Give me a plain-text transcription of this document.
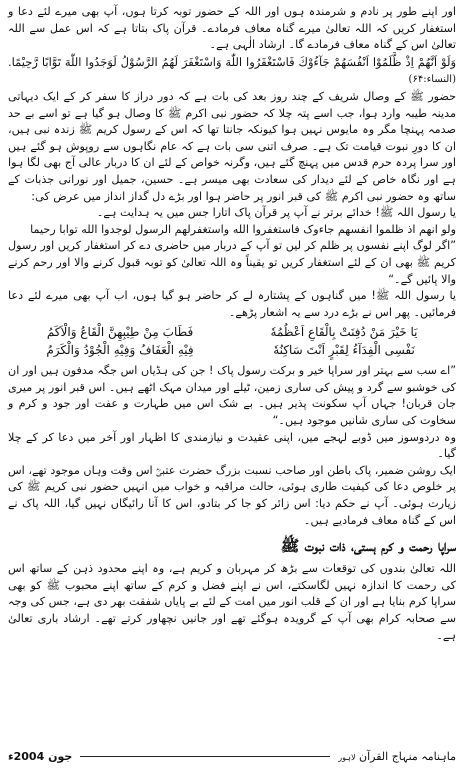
اور اپنے طور پر نادم و شرمندہ ہوں اور اللہ کے حضور توبہ کرتا ہوں، آپ بھی میرے لئے دعا و استغفار کریں کہ اللہ تعالیٰ میرے گناہ معاف فرمادے۔ قرآن پاک بتاتا ہے کہ اس عمل سے اللہ تعالیٰ اس کے گناہ معاف فرمادے گا۔ ارشاد الٰہی ہے۔

وَلَوْ اَنَّهُمْ اِذْ ظَّلَمُوْا اَنْفُسَهُمْ جَآءُوْكَ فَاسْتَغْفَرُوا اللّٰهَ وَاسْتَغْفَرَ لَهُمُ الرَّسُوْلُ لَوَجَدُوا اللّٰهَ تَوَّابًا رَّحِيْمًا. (النساء:۶۴)

حضور ﷺ کے وصال شریف کے چند روز بعد کی بات ہے کہ دور دراز کا سفر کر کے ایک دیہاتی مدینہ طیبہ وارد ہوا، جب اسے پتہ چلا کہ حضور نبی اکرم ﷺ کا وصال ہو گیا ہے تو اسے بے حد صدمہ پہنچا مگر وہ مایوس نہیں ہوا کیونکہ جانتا تھا کہ اس کے رسول کریم ﷺ زندہ نبی ہیں، ان کا دورِ نبوت قیامت تک ہے۔ صرف اتنی سی بات ہے کہ عام نگاہوں سے روپوش ہو گئے ہیں اور سرا پردہ حرم قدس میں پہنچ گئے ہیں، وگرنہ خواص کے لئے ان کا دربار عالی آج بھی لگا ہوا ہے اور نگاہ خاص کے لئے دیدار کی سعادت بھی میسر ہے۔ حسین، جمیل اور نورانی جذبات کے ساتھ وہ حضور نبی اکرم ﷺ کی قبر انور پر حاضر ہوا اور بڑے دل گداز انداز میں عرض کی:

یا رسول اللہ ﷺ! خدائے برتر نے آپ پر قرآن پاک اتارا جس میں یہ ہدایت ہے۔

ولو انهم اذ ظلموا انفسهم جاءوک فاستغفروا الله واستغفرلهم الرسول لوجدوا الله توابا رحيما

”اگر لوگ اپنے نفسوں پر ظلم کر لیں تو آپ کے دربار میں حاضری دے کر استغفار کریں اور رسول کریم ﷺ بھی ان کے لئے استغفار کریں تو یقیناً وہ اللہ تعالیٰ کو توبہ قبول کرنے والا اور رحم کرنے والا پائیں گے۔“

یا رسول اللہ ﷺ! میں گناہوں کے پشتارہ لے کر حاضر ہو گیا ہوں، اب آپ بھی میرے لئے دعا فرمائیں۔ پھر اس نے بڑے درد سے یہ اشعار پڑھے۔

يَا خَيْرَ مَنْ دُفِنَتْ بِالْقَاعِ اَعْظُمُهٗ
فَطَابَ مِنْ طِيْبِهِنَّ الْقَاعُ وَالْاَكَمُ
نَفْسِى الْفِدَآءُ لِقَبْرٍ اَنْتَ سَاكِنُهٗ
فِيْهِ الْعَفَافُ وَفِيْهِ الْجُوْدُ وَالْكَرَمُ

”اے سب سے بہتر اور سراپا خیر و برکت رسول پاک ! جن کی ہڈیاں اس جگہ مدفون ہیں اور ان کی خوشبو سے گرد و پیش کی ساری زمین، ٹیلے اور میدان مہک اٹھے ہیں۔ اس قبر انور پر میری جان قربان! جہاں آپ سکونت پذیر ہیں۔ بے شک اس میں طہارت و عفت اور جود و کرم و سخاوت کی ساری شانیں موجود ہیں۔“

وہ دردوسوز میں ڈوبے لہجے میں، اپنی عقیدت و نیازمندی کا اظہار اور آخر میں دعا کر کے چلا گیا۔

ایک روشن ضمیر، پاک باطن اور صاحب نسبت بزرگ حضرت عتبیؒ اس وقت وہاں موجود تھے، اس پر خلوص دعا کی کیفیت طاری ہوئی، حالت مراقبہ و خواب میں انہیں حضور نبی کریم ﷺ کی زیارت ہوئی۔ آپ نے حکم دیا: اس زائر کو جا کر بتادو، اس کا آنا رائیگاں نہیں گیا، اللہ پاک نے اس کے گناہ معاف فرمادیے ہیں۔

سراپا رحمت و کرم ہستی، ذات نبوت ﷺ

اللہ تعالیٰ بندوں کی توقعات سے بڑھ کر مہربان و کریم ہے، وہ اپنے محدود ذہن کے ساتھ اس کی رحمت کا اندازہ نہیں لگاسکتے، اس نے اپنے فضل و کرم کے ساتھ اپنے محبوب ﷺ کو بھی سراپا کرم بنایا ہے اور ان کے قلب انور میں امت کے لئے بے پایاں شفقت بھر دی ہے، جس کی وجہ سے صحابہ کرام بھی آپ کے گرویدہ ہوگئے تھے اور جانیں نچھاور کرتے تھے۔ ارشاد باری تعالیٰ ہے۔

ماہنامہ منہاج القرآن لاہور
جون 2004ء
